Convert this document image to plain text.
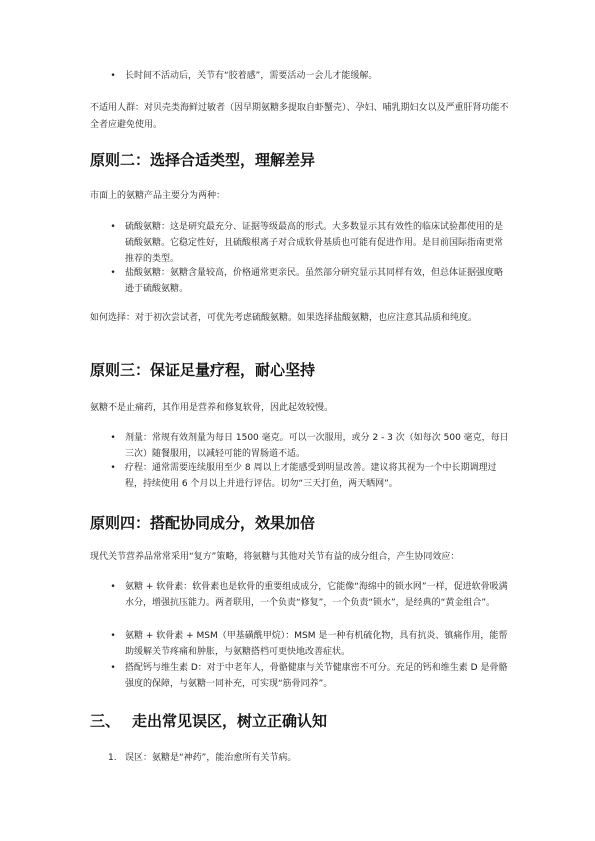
• 长时间不活动后，关节有“胶着感”，需要活动一会儿才能缓解。

不适用人群：对贝壳类海鲜过敏者（因早期氨糖多提取自虾蟹壳）、孕妇、哺乳期妇女以及严重肝肾功能不全者应避免使用。

原则二：选择合适类型，理解差异

市面上的氨糖产品主要分为两种：

• 硫酸氨糖：这是研究最充分、证据等级最高的形式。大多数显示其有效性的临床试验都使用的是硫酸氨糖。它稳定性好，且硫酸根离子对合成软骨基质也可能有促进作用。是目前国际指南更常推荐的类型。

• 盐酸氨糖：氨糖含量较高，价格通常更亲民。虽然部分研究显示其同样有效，但总体证据强度略逊于硫酸氨糖。

如何选择：对于初次尝试者，可优先考虑硫酸氨糖。如果选择盐酸氨糖，也应注意其品质和纯度。

原则三：保证足量疗程，耐心坚持

氨糖不是止痛药，其作用是营养和修复软骨，因此起效较慢。

• 剂量：常规有效剂量为每日 1500 毫克。可以一次服用，或分 2 - 3 次（如每次 500 毫克，每日三次）随餐服用，以减轻可能的胃肠道不适。

• 疗程：通常需要连续服用至少 8 周以上才能感受到明显改善。建议将其视为一个中长期调理过程，持续使用 6 个月以上并进行评估。切勿“三天打鱼，两天晒网”。

原则四：搭配协同成分，效果加倍

现代关节营养品常常采用“复方”策略，将氨糖与其他对关节有益的成分组合，产生协同效应：

• 氨糖 + 软骨素：软骨素也是软骨的重要组成成分，它能像“海绵中的锁水网”一样，促进软骨吸满水分，增强抗压能力。两者联用，一个负责“修复”，一个负责“锁水”，是经典的“黄金组合”。

• 氨糖 + 软骨素 + MSM（甲基磺酰甲烷）：MSM 是一种有机硫化物，具有抗炎、镇痛作用，能帮助缓解关节疼痛和肿胀，与氨糖搭档可更快地改善症状。

• 搭配钙与维生素 D：对于中老年人，骨骼健康与关节健康密不可分。充足的钙和维生素 D 是骨骼强度的保障，与氨糖一同补充，可实现“筋骨同养”。

三、 走出常见误区，树立正确认知
1. 误区：氨糖是“神药”，能治愈所有关节病。
